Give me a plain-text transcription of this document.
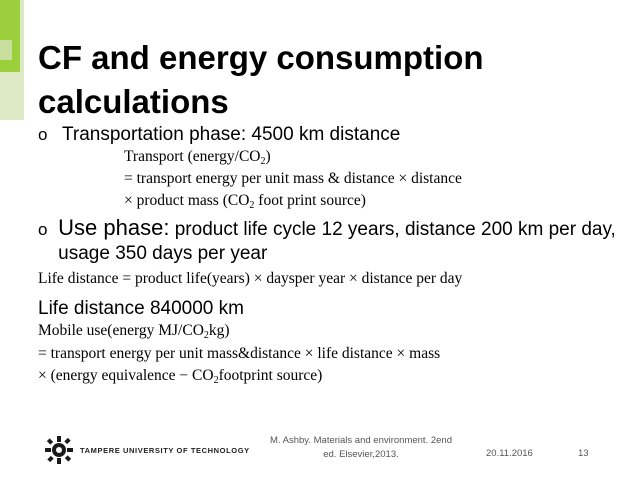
CF and energy consumption calculations
o Transportation phase: 4500 km distance
Transport $(energy/CO_2)$
= transport energy per unit mass & distance × distance
× product mass ($CO_2$ foot print source)
o Use phase: product life cycle 12 years, distance 200 km per day, usage 350 days per year
Life distance = product life(years) × daysper year × distance per day
Life distance 840000 km
Mobile use(energy $MJ/CO_2kg$)
= transport energy per unit mass&distance × life distance × mass
× (energy equivalence − $CO_2footprint$ source)
TAMPERE UNIVERSITY OF TECHNOLOGY
M. Ashby. Materials and environment. 2end
ed. Elsevier,2013.	20.11.2016	13
